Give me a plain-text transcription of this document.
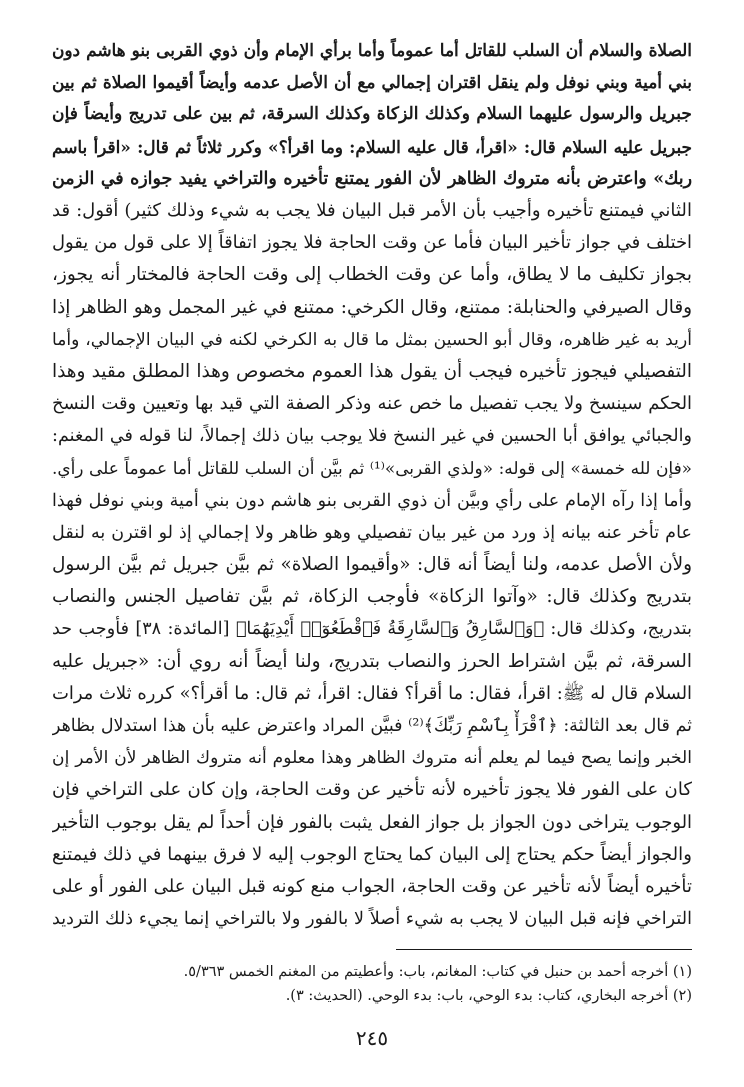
الصلاة والسلام أن السلب للقاتل أما عموماً وأما برأي الإمام وأن ذوي القربى بنو هاشم دون
بني أمية وبني نوفل ولم ينقل اقتران إجمالي مع أن الأصل عدمه وأيضاً أقيموا الصلاة ثم بين
جبريل والرسول عليهما السلام وكذلك الزكاة وكذلك السرقة، ثم بين على تدريج وأيضاً فإن
جبريل عليه السلام قال: «اقرأ، قال عليه السلام: وما اقرأ؟» وكرر ثلاثاً ثم قال: «اقرأ باسم
ربك» واعترض بأنه متروك الظاهر لأن الفور يمتنع تأخيره والتراخي يفيد جوازه في الزمن
الثاني فيمتنع تأخيره وأجيب بأن الأمر قبل البيان فلا يجب به شيء وذلك كثير) أقول: قد
اختلف في جواز تأخير البيان فأما عن وقت الحاجة فلا يجوز اتفاقاً إلا على قول من يقول
بجواز تكليف ما لا يطاق، وأما عن وقت الخطاب إلى وقت الحاجة فالمختار أنه يجوز،
وقال الصيرفي والحنابلة: ممتنع، وقال الكرخي: ممتنع في غير المجمل وهو الظاهر إذا
أريد به غير ظاهره، وقال أبو الحسين بمثل ما قال به الكرخي لكنه في البيان الإجمالي، وأما
التفصيلي فيجوز تأخيره فيجب أن يقول هذا العموم مخصوص وهذا المطلق مقيد وهذا
الحكم سينسخ ولا يجب تفصيل ما خص عنه وذكر الصفة التي قيد بها وتعيين وقت النسخ
والجبائي يوافق أبا الحسين في غير النسخ فلا يوجب بيان ذلك إجمالاً، لنا قوله في المغنم:
«فإن لله خمسة» إلى قوله: «ولذي القربى»⁽¹⁾ ثم بيَّن أن السلب للقاتل أما عموماً على رأي.
وأما إذا رآه الإمام على رأي وبيَّن أن ذوي القربى بنو هاشم دون بني أمية وبني نوفل فهذا
عام تأخر عنه بيانه إذ ورد من غير بيان تفصيلي وهو ظاهر ولا إجمالي إذ لو اقترن به لنقل
ولأن الأصل عدمه، ولنا أيضاً أنه قال: «وأقيموا الصلاة» ثم بيَّن جبريل ثم بيَّن الرسول
بتدريج وكذلك قال: «وآتوا الزكاة» فأوجب الزكاة، ثم بيَّن تفاصيل الجنس والنصاب
بتدريج، وكذلك قال: ﴿وَٱلسَّارِقُ وَٱلسَّارِقَةُ فَٱقْطَعُوٓا۟ أَيْدِيَهُمَا﴾ [المائدة: ٣٨] فأوجب حد
السرقة، ثم بيَّن اشتراط الحرز والنصاب بتدريج، ولنا أيضاً أنه روي أن: «جبريل عليه
السلام قال له ﷺ: اقرأ، فقال: ما أقرأ؟ فقال: اقرأ، ثم قال: ما أقرأ؟» كرره ثلاث مرات
ثم قال بعد الثالثة: ﴿ٱقْرَأْ بِٱسْمِ رَبِّكَ﴾⁽²⁾ فبيَّن المراد واعترض عليه بأن هذا استدلال بظاهر
الخبر وإنما يصح فيما لم يعلم أنه متروك الظاهر وهذا معلوم أنه متروك الظاهر لأن الأمر إن
كان على الفور فلا يجوز تأخيره لأنه تأخير عن وقت الحاجة، وإن كان على التراخي فإن
الوجوب يتراخى دون الجواز بل جواز الفعل يثبت بالفور فإن أحداً لم يقل بوجوب التأخير
والجواز أيضاً حكم يحتاج إلى البيان كما يحتاج الوجوب إليه لا فرق بينهما في ذلك فيمتنع
تأخيره أيضاً لأنه تأخير عن وقت الحاجة، الجواب منع كونه قبل البيان على الفور أو على
التراخي فإنه قبل البيان لا يجب به شيء أصلاً لا بالفور ولا بالتراخي إنما يجيء ذلك الترديد
(١) أخرجه أحمد بن حنبل في كتاب: المغانم، باب: وأعطيتم من المغنم الخمس ٥/٣٦٣.
(٢) أخرجه البخاري، كتاب: بدء الوحي، باب: بدء الوحي. (الحديث: ٣).
٢٤٥
